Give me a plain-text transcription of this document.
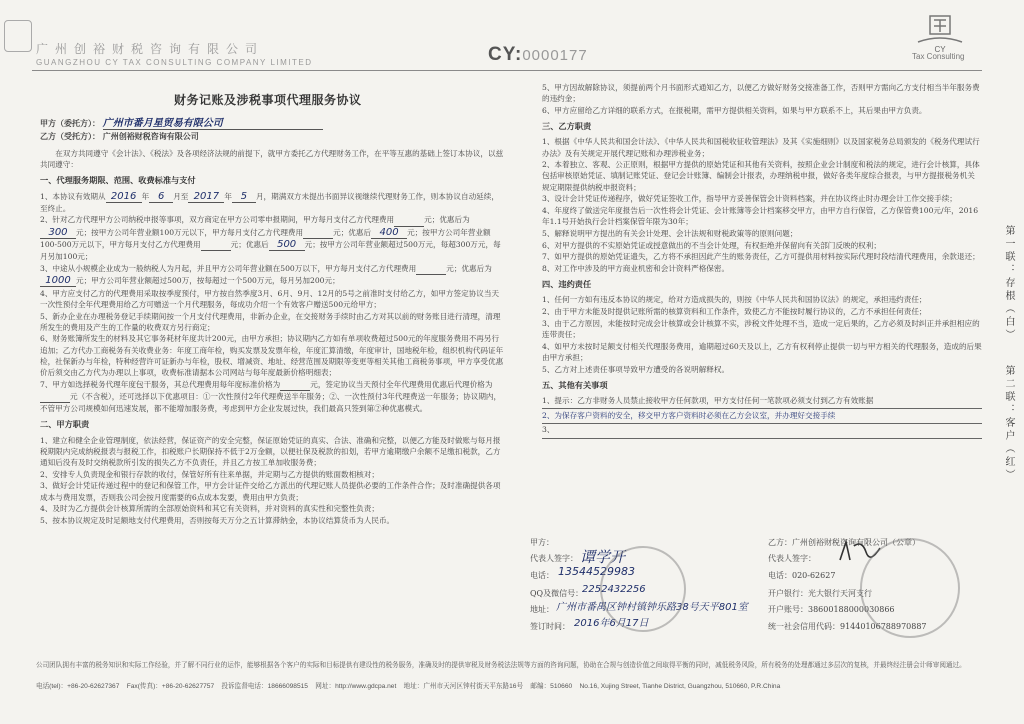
广州创裕财税咨询有限公司
GUANGZHOU CY TAX CONSULTING COMPANY LIMITED	CY:0000177	CY
Tax Consulting
财务记账及涉税事项代理服务协议

甲方（委托方）： 广州市番月星贸易有限公司

乙方（受托方）： 广州创裕财税咨询有限公司

在双方共同遵守《会计法》、《税法》及各项经济法规的前提下，就甲方委托乙方代理财务工作，在平等互惠的基础上签订本协议，以兹共同遵守：

一、代理服务期限、范围、收费标准与支付

1、本协议有效期从 2016 年 6 月至 2017 年 5 月，期满双方未提出书面异议视继续代理财务工作，则本协议自动延续，至终止。

2、针对乙方代理甲方公司纳税申报等事项，双方商定在甲方公司零申报期间，甲方每月支付乙方代理费用	元；优惠后为300 元；按甲方公司年营业额100万元以下，甲方每月支付乙方代理费用	元；优惠后 400 元；按甲方公司年营业额100-500万元以下，甲方每月支付乙方代理费用	元；优惠后 500 元；按甲方公司年营业额超过500万元，每超300万元，每月另加100元；

3、中途从小规模企业成为一般纳税人为月起，并且甲方公司年营业额在500万以下，甲方每月支付乙方代理费用	元；优惠后为1000 元；甲方公司年营业额超过500万，按每超过一个500万元，每月另加200元；

4、甲方应支付乙方的代理费用采取按季度预付，甲方按自然季度3月、6月、9月、12月的5号之前准时支付给乙方，如甲方签定协议当天一次性预付全年代理费用给乙方可赠送一个月代理服务，每成功介绍一个有效客户赠送500元给甲方；

5、新办企业在办理税务登记手续期间按一个月支付代理费用，非新办企业，在交接财务手续时由乙方对其以前的财务账目进行清理，清理所发生的费用及产生的工作量的收费双方另行商定；

6、财务账簿所发生的材料及其它事务耗材年度共计200元，由甲方承担；协议期内乙方如有单项收费超过500元的年度服务费用不再另行追加；乙方代办工商税务有关收费业务：年度工商年检，购买发票及发票年检，年度汇算清缴，年度审计，国地税年检，组织机构代码证年检，社保新办与年检，特种经营许可证新办与年检，股权、增减资、地址、经营范围及期限等变更等相关其他工商税务事项，甲方享受优惠价后须交由乙方代为办理以上事项，收费标准请据本公司网站与每年度最新价格明细表；

7、甲方如选择税务代理年度包干服务，其总代理费用每年度标准价格为	元，签定协议当天预付全年代理费用优惠后代理价格为元（不含税），还可选择以下优惠项目：①一次性预付2年代理费送半年服务；②、一次性预付3年代理费送一年服务；协议期内，不管甲方公司规模如何迅速发展，都不能增加服务费，考虑到甲方企业发展过快，我们最高只签到第②种优惠模式。

二、甲方职责

1、建立和健全企业管理制度，依法经营，保证资产的安全完整，保证原始凭证的真实、合法、准确和完整，以便乙方能及时做账与每月报税期限内完成纳税报表与报税工作，扣税账户长期保持不低于2万金额，以便社保及税款的扣划，若甲方逾期缴户余额不足缴扣税款，乙方通知后没有及时交纳税款所引发的损失乙方不负责任，并且乙方按工单加收服务费；

2、安排专人负责现金和银行存款的收付，保管好所有往来单据，并定期与乙方提供的账面数相核对；

3、做好会计凭证传递过程中的登记和保管工作，甲方会计证件交给乙方派出的代理记账人员提供必要的工作条件合作；及时准确提供各项成本与费用发票，否则我公司会按月度需要的6点成本发要，费用由甲方负责；

4、及时为乙方提供会计核算所需的全部原始资料和其它有关资料，并对资料的真实性和完整性负责；

5、按本协议规定及时足额地支付代理费用，否则按每天万分之五计算滞纳金，本协议结算货币为人民币。

5、甲方因故解除协议，须提前两个月书面形式通知乙方，以便乙方做好财务交接准备工作，否则甲方需向乙方支付相当半年服务费的违约金；

6、甲方应留给乙方详细的联系方式，在报税期，需甲方提供相关资料，如果与甲方联系不上，其后果由甲方负责。

三、乙方职责

1、根据《中华人民共和国会计法》、《中华人民共和国税收征收管理法》及其《实施细则》以及国家税务总局颁发的《税务代理试行办法》及有关规定开展代理记账和办理涉税业务；

2、本着独立、客观、公正原则，根据甲方提供的原始凭证和其他有关资料，按照企业会计制度和税法的规定，进行会计核算，具体包括审核原始凭证、填制记账凭证、登记会计账簿、编制会计报表，办理纳税申报，做好各类年度综合报表，与甲方提报税务机关规定期限提供纳税申报资料；

3、设计会计凭证传递程序，做好凭证签收工作，指导甲方妥善保管会计资料档案，并在协议终止时办理会计工作交接手续；

4、年度终了做送完年度报告后一次性将会计凭证、会计账簿等会计档案移交甲方，由甲方自行保管，乙方保管费100元/年，2016年1.1号开始执行会计档案保管年限为30年；

5、解释说明甲方提出的有关会计处理、会计法规和财税政策等的原则问题；

6、对甲方提供的不实原始凭证或授意做出的不当会计处理，有权拒绝并保留向有关部门反映的权利；

7、如甲方提供的原始凭证遗失，乙方将不承担因此产生的账务责任，乙方可提供用材料按实际代理时段结清代理费用，余款退还；

8、对工作中涉及的甲方商业机密和会计资料严格保密。

四、违约责任

1、任何一方如有违反本协议的规定，给对方造成损失的，则按《中华人民共和国协议法》的规定，承担违约责任；

2、由于甲方未能及时提供记账所需的核算资料和工作条件，致使乙方不能按时履行协议的，乙方不承担任何责任；

3、由于乙方原因，未能按时完成会计核算或会计核算不实，涉税文件处理不当，造成一定后果的，乙方必须及时纠正并承担相应的连带责任；

4、如甲方未按时足额支付相关代理服务费用，逾期超过60天及以上，乙方有权利停止提供一切与甲方相关的代理服务，造成的后果由甲方承担；

5、乙方对上述责任事项导致甲方遭受的各说明解释权。

五、其他有关事项

1、提示：乙方非财务人员禁止接收甲方任何款项，甲方支付任何一笔款项必须支付到乙方有效账据

2、为保存客户资料的安全，移交甲方客户资料时必须在乙方会议室，并办理好交接手续

3、

甲方：
代表人签字： 谭学开
电话： 13544529983
QQ及微信号：
2252432256
地址： 广州市番禺区钟村镇钟乐路38号天平801室
签订时间： 2016年6月17日
乙方：广州创裕财税咨询有限公司（公章）
代表人签字：
电话：020-62627
开户银行：光大银行天河支行
开户账号：38600188000030866
统一社会信用代码：91440106788970887
第一联：存根（白）
第二联：客户（红）
公司团队拥有丰富的税务知识和实际工作经验，并了解不同行业的运作，能够根据各个客户的实际和目标提供有建设性的税务服务，准确及时的提供审税及财务税法法规等方面的咨询问题，协助在合规与创造价值之间取得平衡的同时，减低税务风险，所有税务的处理都通过多层次的复核，并最终经注册会计师审阅通过。
电话(tel)：+86-20-62627367 Fax(传真)：+86-20-62627757 投诉监督电话：18666098515 网址：http://www.gdcpa.net 地址：广州市天河区钟村街天平东路16号 邮编：510660 No.16, Xujing Street, Tianhe District, Guangzhou, 510660, P.R.China
